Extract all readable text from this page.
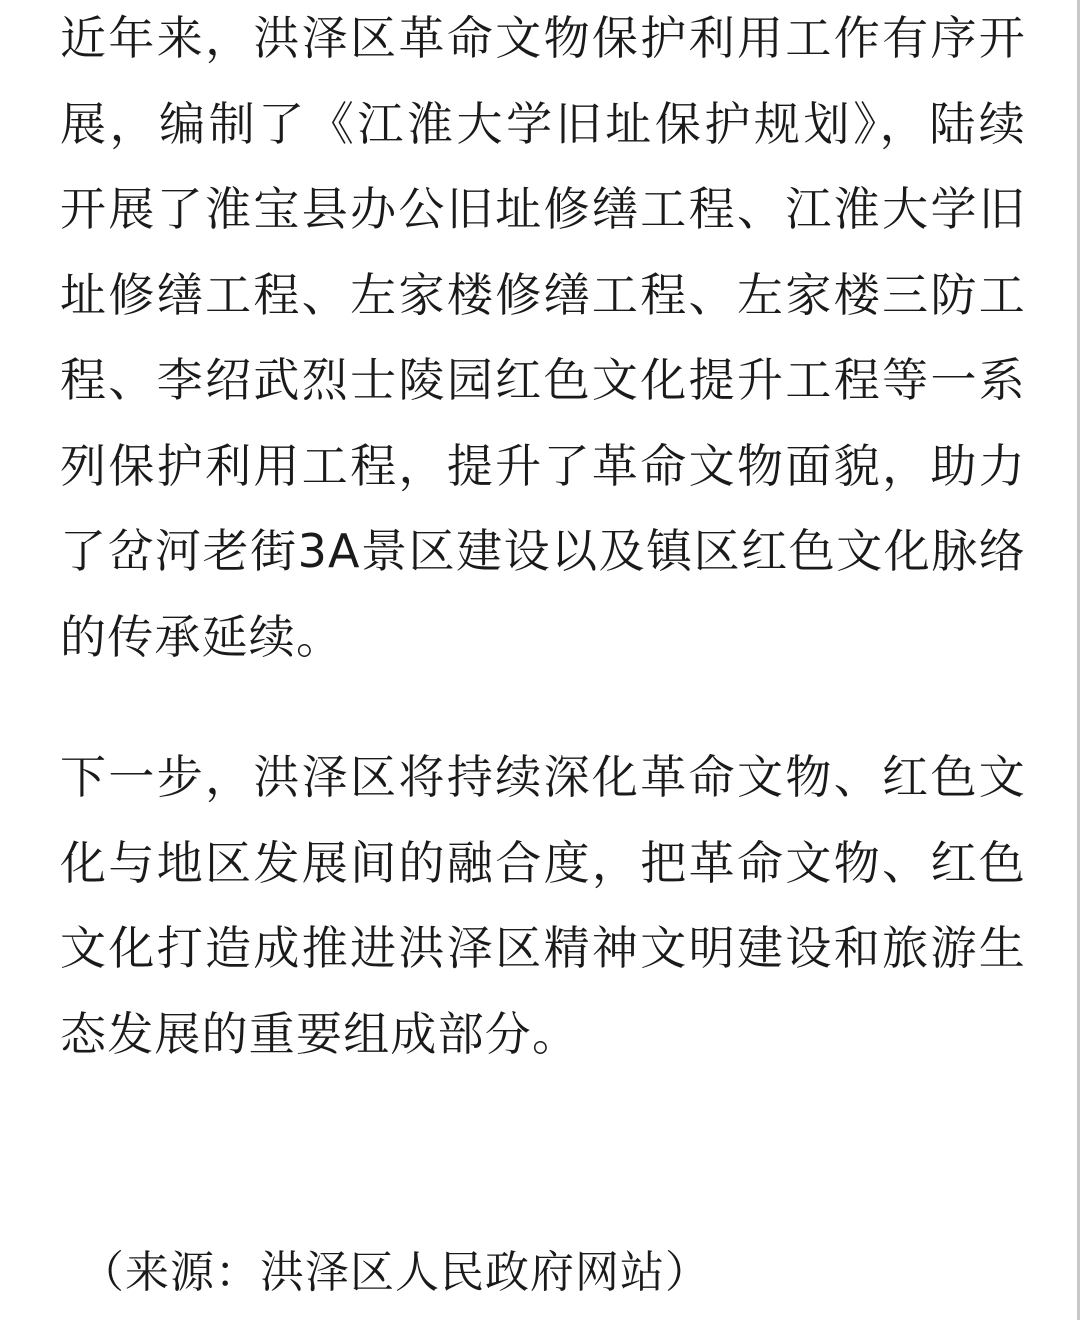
近年来，洪泽区革命文物保护利用工作有序开展，编制了《江淮大学旧址保护规划》，陆续开展了淮宝县办公旧址修缮工程、江淮大学旧址修缮工程、左家楼修缮工程、左家楼三防工程、李绍武烈士陵园红色文化提升工程等一系列保护利用工程，提升了革命文物面貌，助力了岔河老街3A景区建设以及镇区红色文化脉络的传承延续。

下一步，洪泽区将持续深化革命文物、红色文化与地区发展间的融合度，把革命文物、红色文化打造成推进洪泽区精神文明建设和旅游生态发展的重要组成部分。

（来源：洪泽区人民政府网站）
